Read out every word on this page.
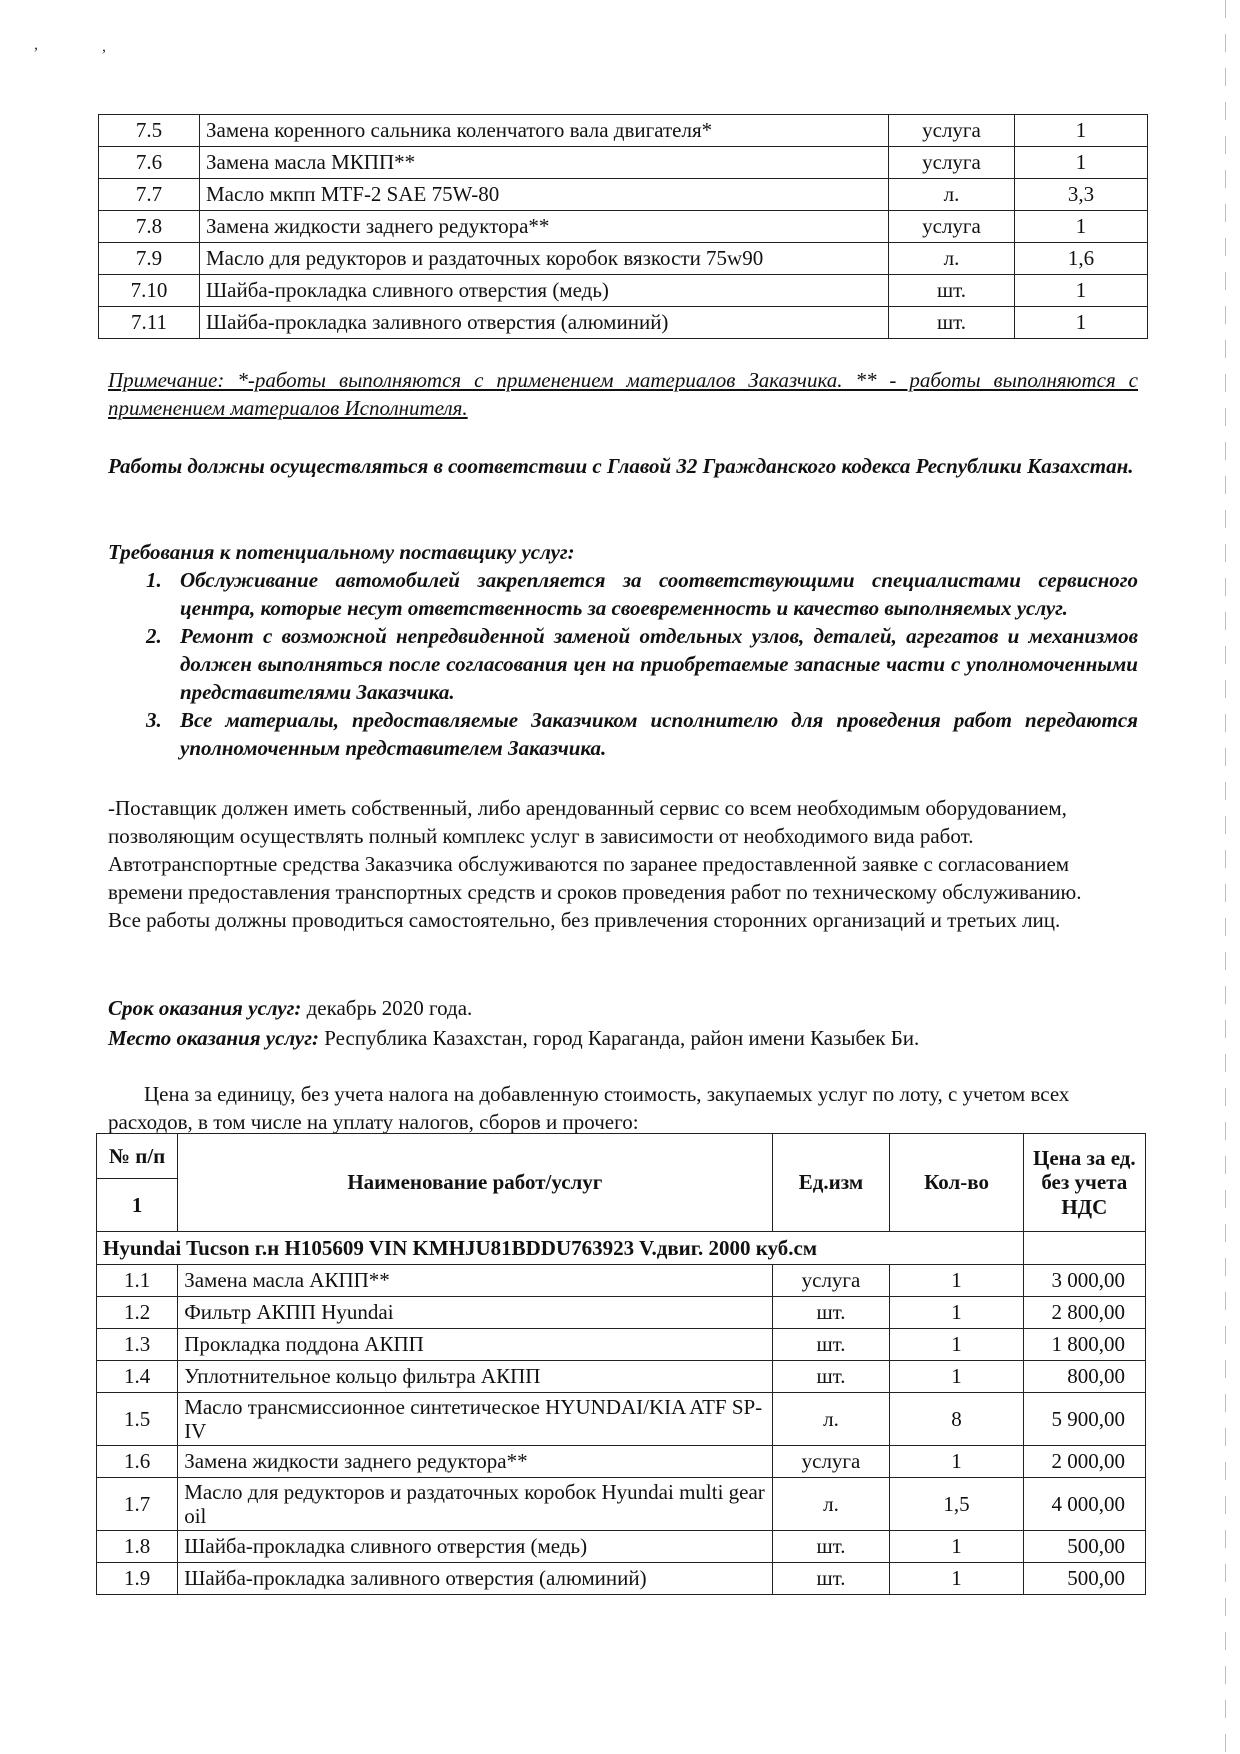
,	,
7.5	Замена коренного сальника коленчатого вала двигателя*	услуга	1
7.6	Замена масла МКПП**	услуга	1
7.7	Масло мкпп MTF-2 SAE 75W-80	л.	3,3
7.8	Замена жидкости заднего редуктора**	услуга	1
7.9	Масло для редукторов и раздаточных коробок вязкости 75w90	л.	1,6
7.10	Шайба-прокладка сливного отверстия (медь)	шт.	1
7.11	Шайба-прокладка заливного отверстия (алюминий)	шт.	1
Примечание: *-работы выполняются с применением материалов Заказчика. ** - работы выполняются с применением материалов Исполнителя.
Работы должны осуществляться в соответствии с Главой 32 Гражданского кодекса Республики Казахстан.
Требования к потенциальному поставщику услуг:
1. Обслуживание автомобилей закрепляется за соответствующими специалистами сервисного центра, которые несут ответственность за своевременность и качество выполняемых услуг.
2. Ремонт с возможной непредвиденной заменой отдельных узлов, деталей, агрегатов и механизмов должен выполняться после согласования цен на приобретаемые запасные части с уполномоченными представителями Заказчика.
3. Все материалы, предоставляемые Заказчиком исполнителю для проведения работ передаются уполномоченным представителем Заказчика.
-Поставщик должен иметь собственный, либо арендованный сервис со всем необходимым оборудованием, позволяющим осуществлять полный комплекс услуг в зависимости от необходимого вида работ. Автотранспортные средства Заказчика обслуживаются по заранее предоставленной заявке с согласованием времени предоставления транспортных средств и сроков проведения работ по техническому обслуживанию. Все работы должны проводиться самостоятельно, без привлечения сторонних организаций и третьих лиц.
Срок оказания услуг: декабрь 2020 года.
Место оказания услуг: Республика Казахстан, город Караганда, район имени Казыбек Би.
Цена за единицу, без учета налога на добавленную стоимость, закупаемых услуг по лоту, с учетом всех расходов, в том числе на уплату налогов, сборов и прочего:
№ п/п	Наименование работ/услуг	Ед.изм	Кол-во	Цена за ед. без учета НДС
1				
Hyundai Tucson г.н H105609 VIN KMHJU81BDDU763923 V.двиг. 2000 куб.см				
1.1	Замена масла АКПП**	услуга	1	3 000,00
1.2	Фильтр АКПП Hyundai	шт.	1	2 800,00
1.3	Прокладка поддона АКПП	шт.	1	1 800,00
1.4	Уплотнительное кольцо фильтра АКПП	шт.	1	800,00
1.5	Масло трансмиссионное синтетическое HYUNDAI/KIA ATF SP-IV	л.	8	5 900,00
1.6	Замена жидкости заднего редуктора**	услуга	1	2 000,00
1.7	Масло для редукторов и раздаточных коробок Hyundai multi gear oil	л.	1,5	4 000,00
1.8	Шайба-прокладка сливного отверстия (медь)	шт.	1	500,00
1.9	Шайба-прокладка заливного отверстия (алюминий)	шт.	1	500,00
